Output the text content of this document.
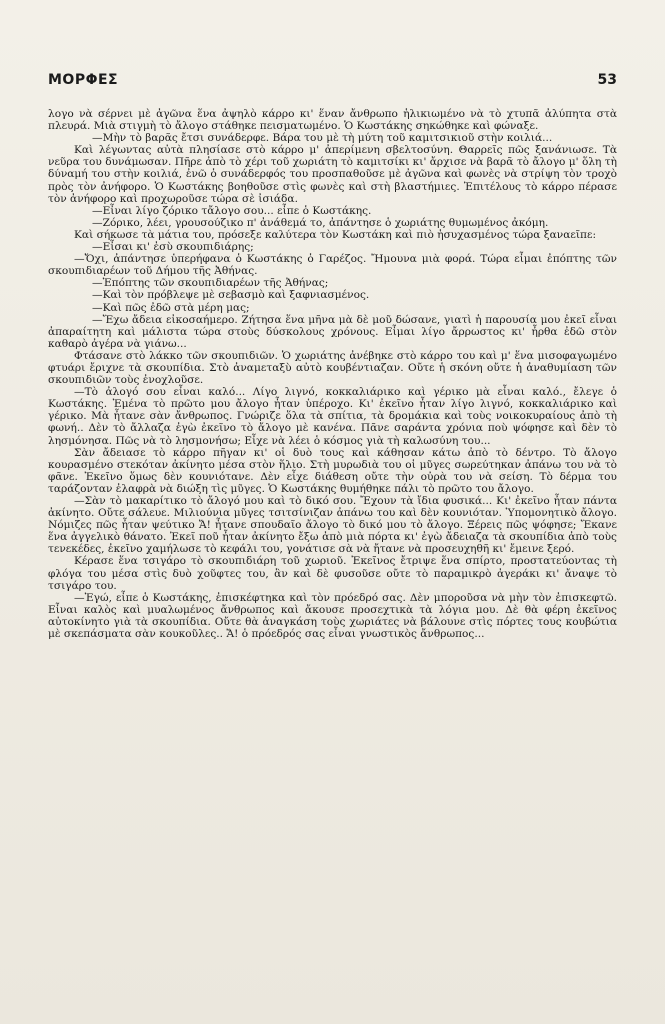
ΜΟΡΦΕΣ	53

λογο νὰ σέρνει μὲ ἀγῶνα ἕνα ἀψηλὸ κάρρο κι' ἕναν ἄνθρωπο ἡλικιωμένο νὰ τὸ χτυπᾶ ἀλύπητα στὰ πλευρά. Μιὰ στιγμὴ τὸ ἄλογο στάθηκε πεισματωμένο. Ὁ Κωστάκης σηκώθηκε καὶ φώναξε.

—Μὴν τὸ βαρᾶς ἔτσι συνάδερφε. Βάρα του μὲ τὴ μύτη τοῦ καμιτσικιοῦ στὴν κοιλιά...

Καὶ λέγωντας αὐτὰ πλησίασε στὸ κάρρο μ' ἀπερίμενη σβελτοσύνη. Θαρρεῖς πῶς ξανάνιωσε. Τὰ νεῦρα του δυνάμωσαν. Πῆρε ἀπὸ τὸ χέρι τοῦ χωριάτη τὸ καμιτσίκι κι' ἄρχισε νὰ βαρᾶ τὸ ἄλογο μ' ὅλη τὴ δύναμή του στὴν κοιλιά, ἐνῶ ὁ συνάδερφός του προσπαθοῦσε μὲ ἀγῶνα καὶ φωνὲς νὰ στρίψη τὸν τροχὸ πρὸς τὸν ἀνήφορο. Ὁ Κωστάκης βοηθοῦσε στὶς φωνὲς καὶ στὴ βλαστήμιες. Ἐπιτέλους τὸ κάρρο πέρασε τὸν ἀνήφορο καὶ προχωροῦσε τώρα σὲ ἰσιάδα.

—Εἶναι λίγο ζόρικο τἄλογο σου... εἶπε ὁ Κωστάκης.

—Ζόρικο, λέει, γρουσούζικο π' ἀνάθεμά το, ἀπάντησε ὁ χωριάτης θυμωμένος ἀκόμη.

Καὶ σήκωσε τὰ μάτια του, πρόσεξε καλύτερα τὸν Κωστάκη καὶ πιὸ ἡσυχασμένος τώρα ξαναεῖπε:

—Εἶσαι κι' ἐσὺ σκουπιδιάρης;

—Ὄχι, ἀπάντησε ὑπερήφανα ὁ Κωστάκης ὁ Γαρέζος. Ἤμουνα μιὰ φορά. Τώρα εἶμαι ἐπόπτης τῶν σκουπιδιαρέων τοῦ Δήμου τῆς Ἀθήνας.

—Ἐπόπτης τῶν σκουπιδιαρέων τῆς Ἀθήνας;

—Καὶ τὸν πρόβλεψε μὲ σεβασμὸ καὶ ξαφνιασμένος.

—Καὶ πῶς ἐδῶ στὰ μέρη μας;

—Ἔχω ἄδεια εἰκοσαήμερο. Ζήτησα ἕνα μῆνα μὰ δὲ μοῦ δώσανε, γιατὶ ἡ παρουσία μου ἐκεῖ εἶναι ἀπαραίτητη καὶ μάλιστα τώρα στοὺς δύσκολους χρόνους. Εἶμαι λίγο ἄρρωστος κι' ἦρθα ἐδῶ στὸν καθαρὸ ἀγέρα νὰ γιάνω...

Φτάσανε στὸ λάκκο τῶν σκουπιδιῶν. Ὁ χωριάτης ἀνέβηκε στὸ κάρρο του καὶ μ' ἕνα μισοφαγωμένο φτυάρι ἔριχνε τὰ σκουπίδια. Στὸ ἀναμεταξὺ αὐτὸ κουβέντιαζαν. Οὔτε ἡ σκόνη οὔτε ἡ ἀναθυμίαση τῶν σκουπιδιῶν τοὺς ἐνοχλοῦσε.

—Τὸ ἀλογό σου εἶναι καλό... Λίγο λιγνό, κοκκαλιάρικο καὶ γέρικο μὰ εἶναι καλό., ἔλεγε ὁ Κωστάκης. Ἐμένα τὸ πρῶτο μου ἄλογο ἦταν ὑπέροχο. Κι' ἐκεῖνο ἦταν λίγο λιγνό, κοκκαλιάρικο καὶ γέρικο. Μὰ ἦτανε σὰν ἄνθρωπος. Γνώριζε ὅλα τὰ σπίτια, τὰ δρομάκια καὶ τοὺς νοικοκυραίους ἀπὸ τὴ φωνή.. Δὲν τὸ ἄλλαζα ἐγὼ ἐκεῖνο τὸ ἄλογο μὲ κανένα. Πᾶνε σαράντα χρόνια ποὺ ψόφησε καὶ δὲν τὸ λησμόνησα. Πῶς νὰ τὸ λησμονήσω; Εἶχε νὰ λέει ὁ κόσμος γιὰ τὴ καλωσύνη του...

Σὰν ἄδειασε τὸ κάρρο πῆγαν κι' οἱ δυὸ τους καὶ κάθησαν κάτω ἀπὸ τὸ δέντρο. Τὸ ἄλογο κουρασμένο στεκόταν ἀκίνητο μέσα στὸν ἥλιο. Στὴ μυρωδιὰ του οἱ μῦγες σωρεύτηκαν ἀπάνω του νὰ τὸ φᾶνε. Ἐκεῖνο ὅμως δὲν κουνιότανε. Δὲν εἶχε διάθεση οὔτε τὴν οὐρὰ του νὰ σείση. Τὸ δέρμα του ταράζονταν ἐλαφρὰ νὰ διώξη τὶς μῦγες. Ὁ Κωστάκης θυμήθηκε πάλι τὸ πρῶτο του ἄλογο.

—Σὰν τὸ μακαρίτικο τὸ ἄλογό μου καὶ τὸ δικό σου. Ἔχουν τὰ ἴδια φυσικά... Κι' ἐκεῖνο ἦταν πάντα ἀκίνητο. Οὔτε σάλευε. Μιλιούνια μῦγες τσιτσίνιζαν ἀπάνω του καὶ δὲν κουνιόταν. Ὑπομονητικὸ ἄλογο. Νόμιζες πῶς ἦταν ψεύτικο Ἄ! ἦτανε σπουδαῖο ἄλογο τὸ δικό μου τὸ ἄλογο. Ξέρεις πῶς ψόφησε; Ἔκανε ἕνα ἀγγελικὸ θάνατο. Ἐκεῖ ποῦ ἦταν ἀκίνητο ἔξω ἀπὸ μιὰ πόρτα κι' ἐγὼ ἄδειαζα τὰ σκουπίδια ἀπὸ τοὺς τενεκέδες, ἐκεῖνο χαμήλωσε τὸ κεφάλι του, γονάτισε σὰ νὰ ἤτανε νὰ προσευχηθῆ κι' ἔμεινε ξερό.

Κέρασε ἕνα τσιγάρο τὸ σκουπιδιάρη τοῦ χωριοῦ. Ἐκεῖνος ἔτριψε ἕνα σπίρτο, προστατεύοντας τὴ φλόγα του μέσα στὶς δυὸ χοῦφτες του, ἂν καὶ δὲ φυσοῦσε οὔτε τὸ παραμικρὸ ἀγεράκι κι' ἄναψε τὸ τσιγάρο του.

—Ἐγώ, εἶπε ὁ Κωστάκης, ἐπισκέφτηκα καὶ τὸν πρόεδρό σας. Δὲν μποροῦσα νὰ μὴν τὸν ἐπισκεφτῶ. Εἶναι καλὸς καὶ μυαλωμένος ἄνθρωπος καὶ ἄκουσε προσεχτικὰ τὰ λόγια μου. Δὲ θὰ φέρη ἐκεῖνος αὐτοκίνητο γιὰ τὰ σκουπίδια. Οὔτε θὰ ἀναγκάση τοὺς χωριάτες νὰ βάλουνε στὶς πόρτες τους κουβώτια μὲ σκεπάσματα σὰν κουκοῦλες.. Ἄ! ὁ πρόεδρός σας εἶναι γνωστικὸς ἄνθρωπος...
